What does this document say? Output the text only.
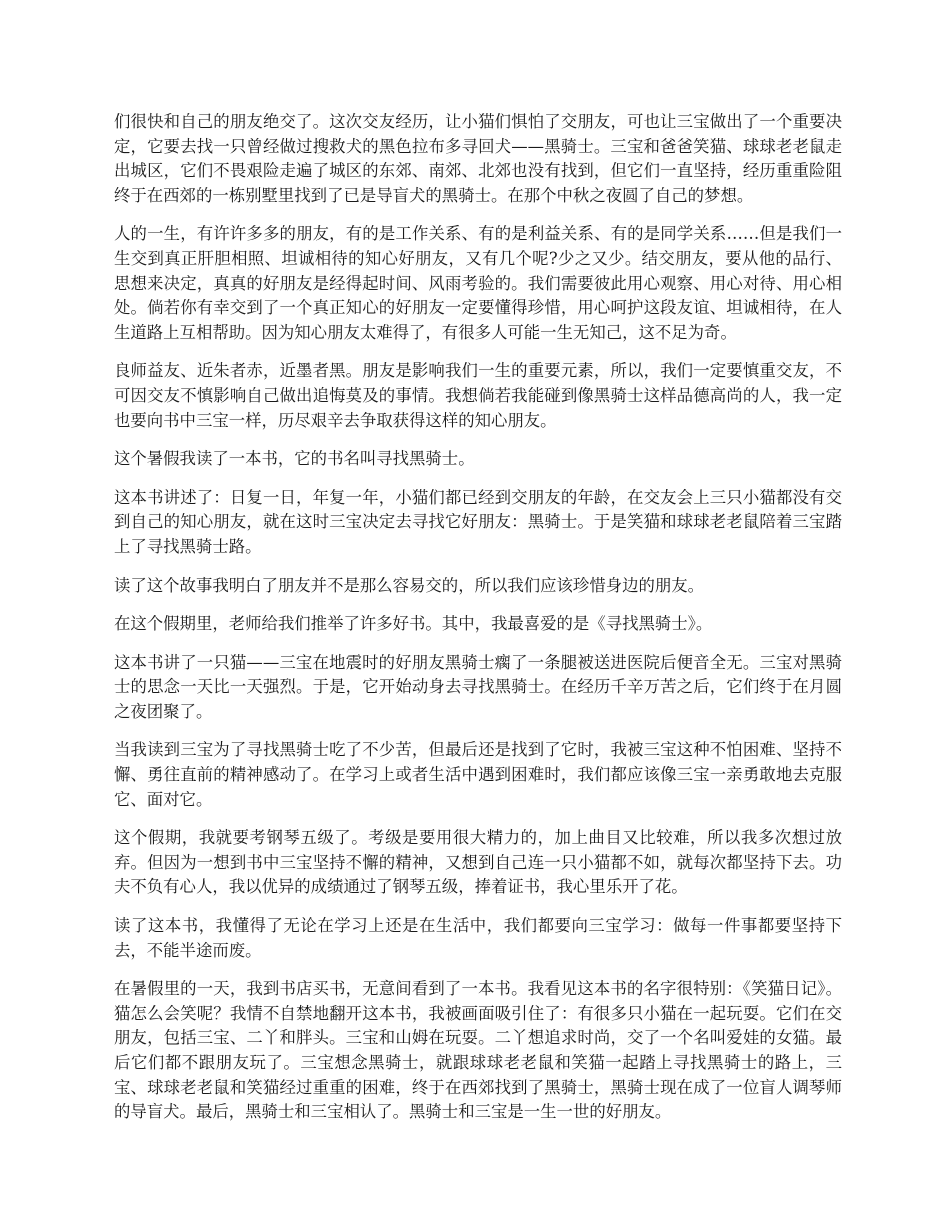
们很快和自己的朋友绝交了。这次交友经历，让小猫们惧怕了交朋友，可也让三宝做出了一个重要决定，它要去找一只曾经做过搜救犬的黑色拉布多寻回犬——黑骑士。三宝和爸爸笑猫、球球老老鼠走出城区，它们不畏艰险走遍了城区的东郊、南郊、北郊也没有找到，但它们一直坚持，经历重重险阻终于在西郊的一栋别墅里找到了已是导盲犬的黑骑士。在那个中秋之夜圆了自己的梦想。

人的一生，有许许多多的朋友，有的是工作关系、有的是利益关系、有的是同学关系……但是我们一生交到真正肝胆相照、坦诚相待的知心好朋友，又有几个呢?少之又少。结交朋友，要从他的品行、思想来决定，真真的好朋友是经得起时间、风雨考验的。我们需要彼此用心观察、用心对待、用心相处。倘若你有幸交到了一个真正知心的好朋友一定要懂得珍惜，用心呵护这段友谊、坦诚相待，在人生道路上互相帮助。因为知心朋友太难得了，有很多人可能一生无知己，这不足为奇。

良师益友、近朱者赤，近墨者黑。朋友是影响我们一生的重要元素，所以，我们一定要慎重交友，不可因交友不慎影响自己做出追悔莫及的事情。我想倘若我能碰到像黑骑士这样品德高尚的人，我一定也要向书中三宝一样，历尽艰辛去争取获得这样的知心朋友。

这个暑假我读了一本书，它的书名叫寻找黑骑士。

这本书讲述了：日复一日，年复一年，小猫们都已经到交朋友的年龄，在交友会上三只小猫都没有交到自己的知心朋友，就在这时三宝决定去寻找它好朋友：黑骑士。于是笑猫和球球老老鼠陪着三宝踏上了寻找黑骑士路。

读了这个故事我明白了朋友并不是那么容易交的，所以我们应该珍惜身边的朋友。

在这个假期里，老师给我们推举了许多好书。其中，我最喜爱的是《寻找黑骑士》。

这本书讲了一只猫——三宝在地震时的好朋友黑骑士瘸了一条腿被送进医院后便音全无。三宝对黑骑士的思念一天比一天强烈。于是，它开始动身去寻找黑骑士。在经历千辛万苦之后，它们终于在月圆之夜团聚了。

当我读到三宝为了寻找黑骑士吃了不少苦，但最后还是找到了它时，我被三宝这种不怕困难、坚持不懈、勇往直前的精神感动了。在学习上或者生活中遇到困难时，我们都应该像三宝一亲勇敢地去克服它、面对它。

这个假期，我就要考钢琴五级了。考级是要用很大精力的，加上曲目又比较难，所以我多次想过放弃。但因为一想到书中三宝坚持不懈的精神，又想到自己连一只小猫都不如，就每次都坚持下去。功夫不负有心人，我以优异的成绩通过了钢琴五级，捧着证书，我心里乐开了花。

读了这本书，我懂得了无论在学习上还是在生活中，我们都要向三宝学习：做每一件事都要坚持下去，不能半途而废。

在暑假里的一天，我到书店买书，无意间看到了一本书。我看见这本书的名字很特别：《笑猫日记》。猫怎么会笑呢？我情不自禁地翻开这本书，我被画面吸引住了：有很多只小猫在一起玩耍。它们在交朋友，包括三宝、二丫和胖头。三宝和山姆在玩耍。二丫想追求时尚，交了一个名叫爱娃的女猫。最后它们都不跟朋友玩了。三宝想念黑骑士，就跟球球老老鼠和笑猫一起踏上寻找黑骑士的路上，三宝、球球老老鼠和笑猫经过重重的困难，终于在西郊找到了黑骑士，黑骑士现在成了一位盲人调琴师的导盲犬。最后，黑骑士和三宝相认了。黑骑士和三宝是一生一世的好朋友。
